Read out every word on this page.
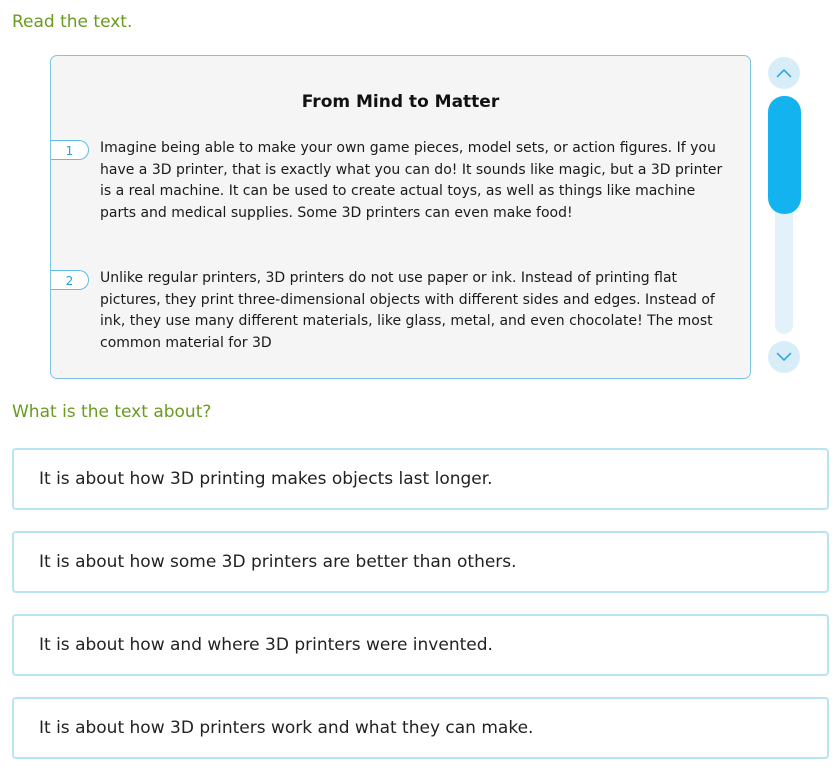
Read the text.

From Mind to Matter
1	Imagine being able to make your own game pieces, model sets, or action figures. If you have a 3D printer, that is exactly what you can do! It sounds like magic, but a 3D printer is a real machine. It can be used to create actual toys, as well as things like machine parts and medical supplies. Some 3D printers can even make food!

2	Unlike regular printers, 3D printers do not use paper or ink. Instead of printing flat pictures, they print three-dimensional objects with different sides and edges. Instead of ink, they use many different materials, like glass, metal, and even chocolate! The most common material for 3D

What is the text about?

It is about how 3D printing makes objects last longer.
It is about how some 3D printers are better than others.
It is about how and where 3D printers were invented.
It is about how 3D printers work and what they can make.
